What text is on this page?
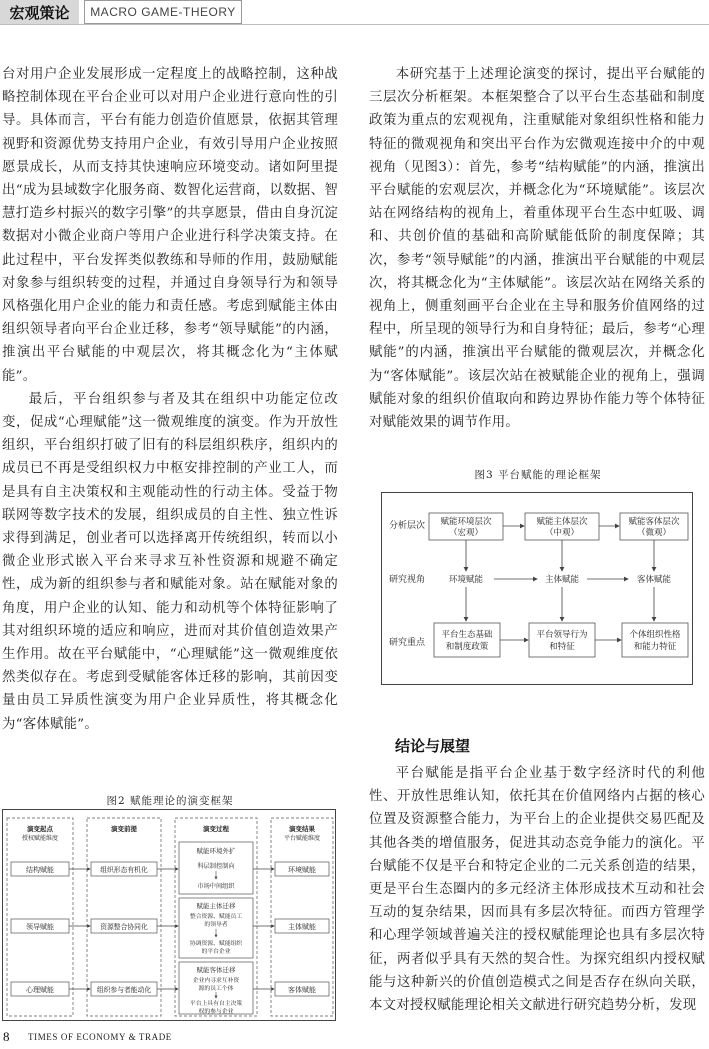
宏观策论	MACRO GAME-THEORY

台对用户企业发展形成一定程度上的战略控制，这种战略控制体现在平台企业可以对用户企业进行意向性的引导。具体而言，平台有能力创造价值愿景，依据其管理视野和资源优势支持用户企业，有效引导用户企业按照愿景成长，从而支持其快速响应环境变动。诸如阿里提出“成为县域数字化服务商、数智化运营商，以数据、智慧打造乡村振兴的数字引擎”的共享愿景，借由自身沉淀数据对小微企业商户等用户企业进行科学决策支持。在此过程中，平台发挥类似教练和导师的作用，鼓励赋能对象参与组织转变的过程，并通过自身领导行为和领导风格强化用户企业的能力和责任感。考虑到赋能主体由组织领导者向平台企业迁移，参考“领导赋能”的内涵，推演出平台赋能的中观层次，将其概念化为“主体赋能”。

最后，平台组织参与者及其在组织中功能定位改变，促成“心理赋能”这一微观维度的演变。作为开放性组织，平台组织打破了旧有的科层组织秩序，组织内的成员已不再是受组织权力中枢安排控制的产业工人，而是具有自主决策权和主观能动性的行动主体。受益于物联网等数字技术的发展，组织成员的自主性、独立性诉求得到满足，创业者可以选择离开传统组织，转而以小微企业形式嵌入平台来寻求互补性资源和规避不确定性，成为新的组织参与者和赋能对象。站在赋能对象的角度，用户企业的认知、能力和动机等个体特征影响了其对组织环境的适应和响应，进而对其价值创造效果产生作用。故在平台赋能中，“心理赋能”这一微观维度依然类似存在。考虑到受赋能客体迁移的影响，其前因变量由员工异质性演变为用户企业异质性，将其概念化为“客体赋能”。

本研究基于上述理论演变的探讨，提出平台赋能的三层次分析框架。本框架整合了以平台生态基础和制度政策为重点的宏观视角，注重赋能对象组织性格和能力特征的微观视角和突出平台作为宏微观连接中介的中观视角（见图3）：首先，参考“结构赋能”的内涵，推演出平台赋能的宏观层次，并概念化为“环境赋能”。该层次站在网络结构的视角上，着重体现平台生态中虹吸、调和、共创价值的基础和高阶赋能低阶的制度保障；其次，参考“领导赋能”的内涵，推演出平台赋能的中观层次，将其概念化为“主体赋能”。该层次站在网络关系的视角上，侧重刻画平台企业在主导和服务价值网络的过程中，所呈现的领导行为和自身特征；最后，参考“心理赋能”的内涵，推演出平台赋能的微观层次，并概念化为“客体赋能”。该层次站在被赋能企业的视角上，强调赋能对象的组织价值取向和跨边界协作能力等个体特征对赋能效果的调节作用。

图3 平台赋能的理论框架
分析层次
研究视角
研究重点
赋能环境层次
（宏观）
赋能主体层次
（中观）
赋能客体层次
（微观）
环境赋能	主体赋能	客体赋能
平台生态基础
和制度政策
平台领导行为
和特征
个体组织性格
和能力特征
结论与展望

平台赋能是指平台企业基于数字经济时代的利他性、开放性思维认知，依托其在价值网络内占据的核心位置及资源整合能力，为平台上的企业提供交易匹配及其他各类的增值服务，促进其动态竞争能力的演化。平台赋能不仅是平台和特定企业的二元关系创造的结果，更是平台生态圈内的多元经济主体形成技术互动和社会互动的复杂结果，因而具有多层次特征。而西方管理学和心理学领域普遍关注的授权赋能理论也具有多层次特征，两者似乎具有天然的契合性。为探究组织内授权赋能与这种新兴的价值创造模式之间是否存在纵向关联，本文对授权赋能理论相关文献进行研究趋势分析，发现

图2 赋能理论的演变框架
演变起点
授权赋能维度
演变前提	演变过程	演变结果
平台赋能维度
结构赋能
领导赋能
心理赋能
组织形态有机化
资源整合协同化
组织参与者能动化
赋能环境外扩
科层制控制向
市场中间组织
赋能主体迁移
整合资源、赋能员工
的领导者
协调资源、赋能组织
的平台企业
赋能客体迁移
企业内寻求互补资
源的员工个体
平台上具有自主决策
权的参与企业
环境赋能
主体赋能
客体赋能
8 TIMES OF ECONOMY & TRADE
